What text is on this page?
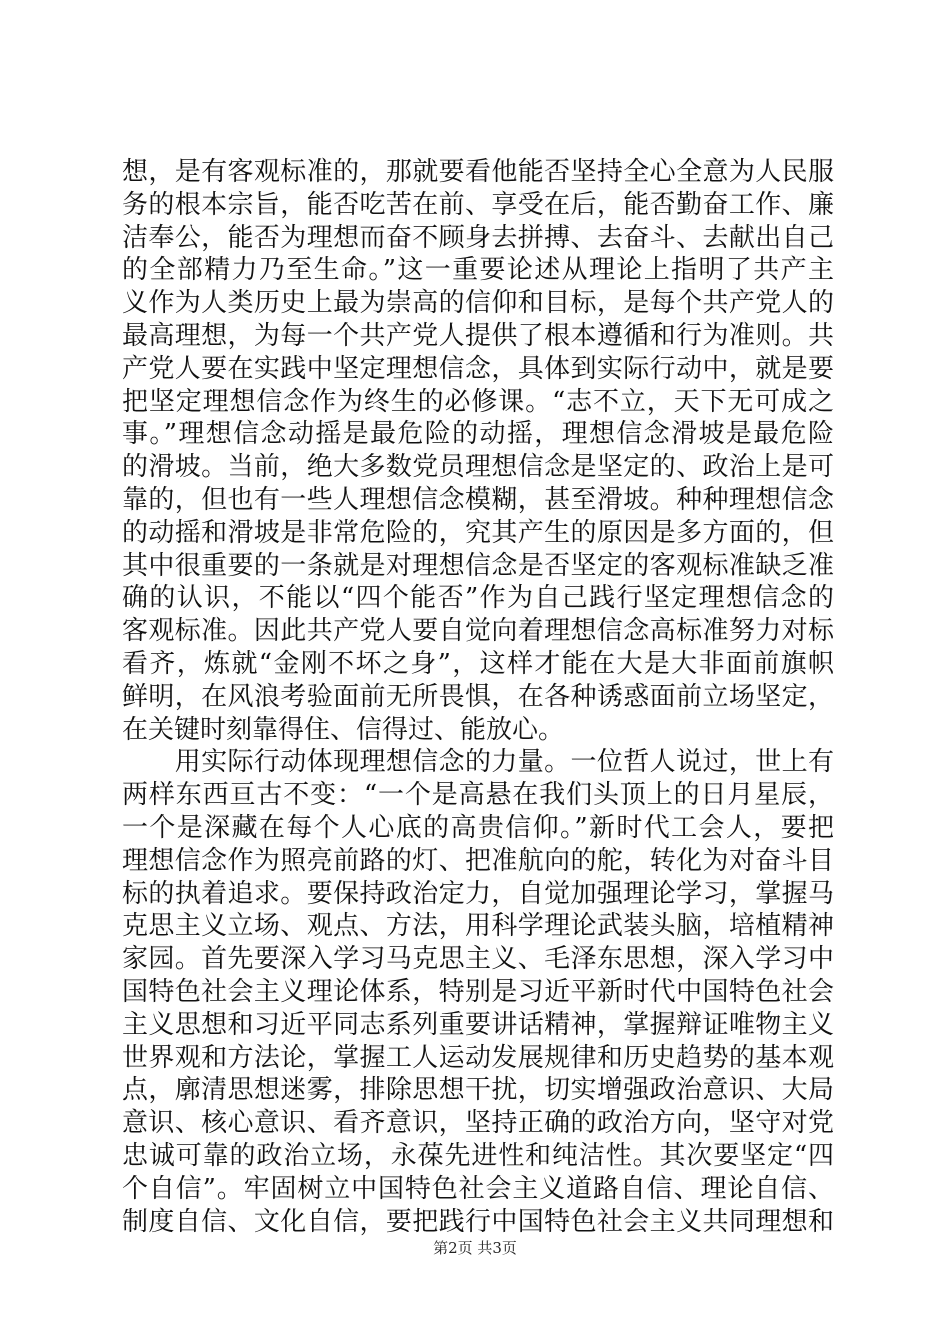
想，是有客观标准的，那就要看他能否坚持全心全意为人民服
务的根本宗旨，能否吃苦在前、享受在后，能否勤奋工作、廉
洁奉公，能否为理想而奋不顾身去拼搏、去奋斗、去献出自己
的全部精力乃至生命。”这一重要论述从理论上指明了共产主
义作为人类历史上最为崇高的信仰和目标，是每个共产党人的
最高理想，为每一个共产党人提供了根本遵循和行为准则。共
产党人要在实践中坚定理想信念，具体到实际行动中，就是要
把坚定理想信念作为终生的必修课。“志不立，天下无可成之
事。”理想信念动摇是最危险的动摇，理想信念滑坡是最危险
的滑坡。当前，绝大多数党员理想信念是坚定的、政治上是可
靠的，但也有一些人理想信念模糊，甚至滑坡。种种理想信念
的动摇和滑坡是非常危险的，究其产生的原因是多方面的，但
其中很重要的一条就是对理想信念是否坚定的客观标准缺乏准
确的认识，不能以“四个能否”作为自己践行坚定理想信念的
客观标准。因此共产党人要自觉向着理想信念高标准努力对标
看齐，炼就“金刚不坏之身”，这样才能在大是大非面前旗帜
鲜明，在风浪考验面前无所畏惧，在各种诱惑面前立场坚定，
在关键时刻靠得住、信得过、能放心。
　　用实际行动体现理想信念的力量。一位哲人说过，世上有
两样东西亘古不变：“一个是高悬在我们头顶上的日月星辰，
一个是深藏在每个人心底的高贵信仰。”新时代工会人，要把
理想信念作为照亮前路的灯、把准航向的舵，转化为对奋斗目
标的执着追求。要保持政治定力，自觉加强理论学习，掌握马
克思主义立场、观点、方法，用科学理论武装头脑，培植精神
家园。首先要深入学习马克思主义、毛泽东思想，深入学习中
国特色社会主义理论体系，特别是习近平新时代中国特色社会
主义思想和习近平同志系列重要讲话精神，掌握辩证唯物主义
世界观和方法论，掌握工人运动发展规律和历史趋势的基本观
点，廓清思想迷雾，排除思想干扰，切实增强政治意识、大局
意识、核心意识、看齐意识，坚持正确的政治方向，坚守对党
忠诚可靠的政治立场，永葆先进性和纯洁性。其次要坚定“四
个自信”。牢固树立中国特色社会主义道路自信、理论自信、
制度自信、文化自信，要把践行中国特色社会主义共同理想和
第2页 共3页
